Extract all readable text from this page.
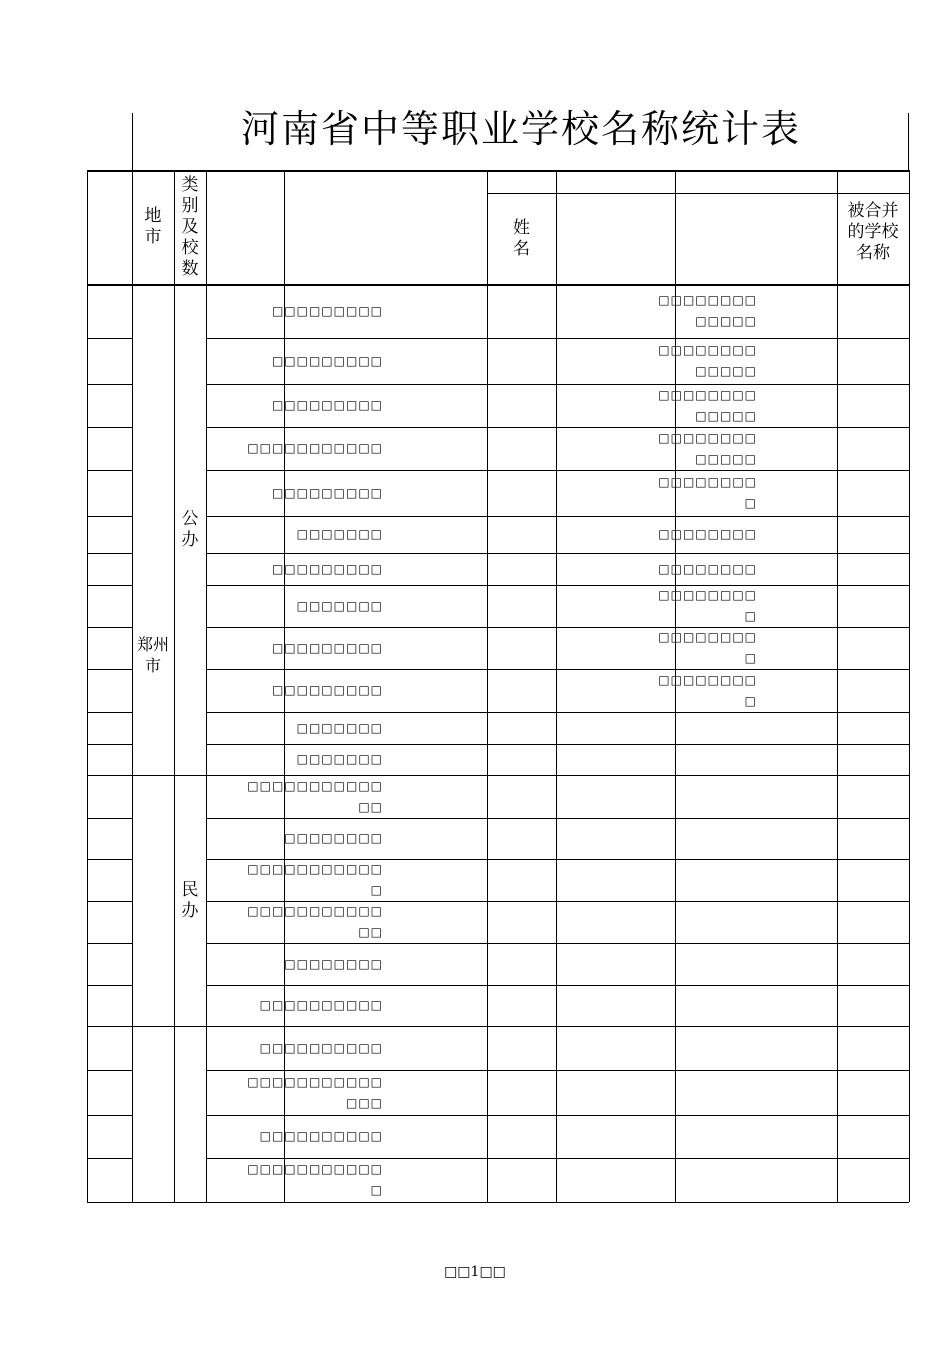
河南省中等职业学校名称统计表
地
市
类
别
及
校
数
姓
名
被合并
的学校
名称
郑州
市
公
办
民
办
□□□□□□□□□
□□□□□□□□
□□□□□
□□□□□□□□□
□□□□□□□□
□□□□□
□□□□□□□□□
□□□□□□□□
□□□□□
□□□□□□□□□□□
□□□□□□□□
□□□□□
□□□□□□□□□
□□□□□□□□
□
□□□□□□□	□□□□□□□□
□□□□□□□□□	□□□□□□□□
□□□□□□□
□□□□□□□□
□
□□□□□□□□□
□□□□□□□□
□
□□□□□□□□□
□□□□□□□□
□
□□□□□□□
□□□□□□□
□□□□□□□□□□□
□□
□□□□□□□□
□□□□□□□□□□□
□
□□□□□□□□□□□
□□
□□□□□□□□
□□□□□□□□□□
□□□□□□□□□□
□□□□□□□□□□□
□□□
□□□□□□□□□□
□□□□□□□□□□□
□
□□1□□
